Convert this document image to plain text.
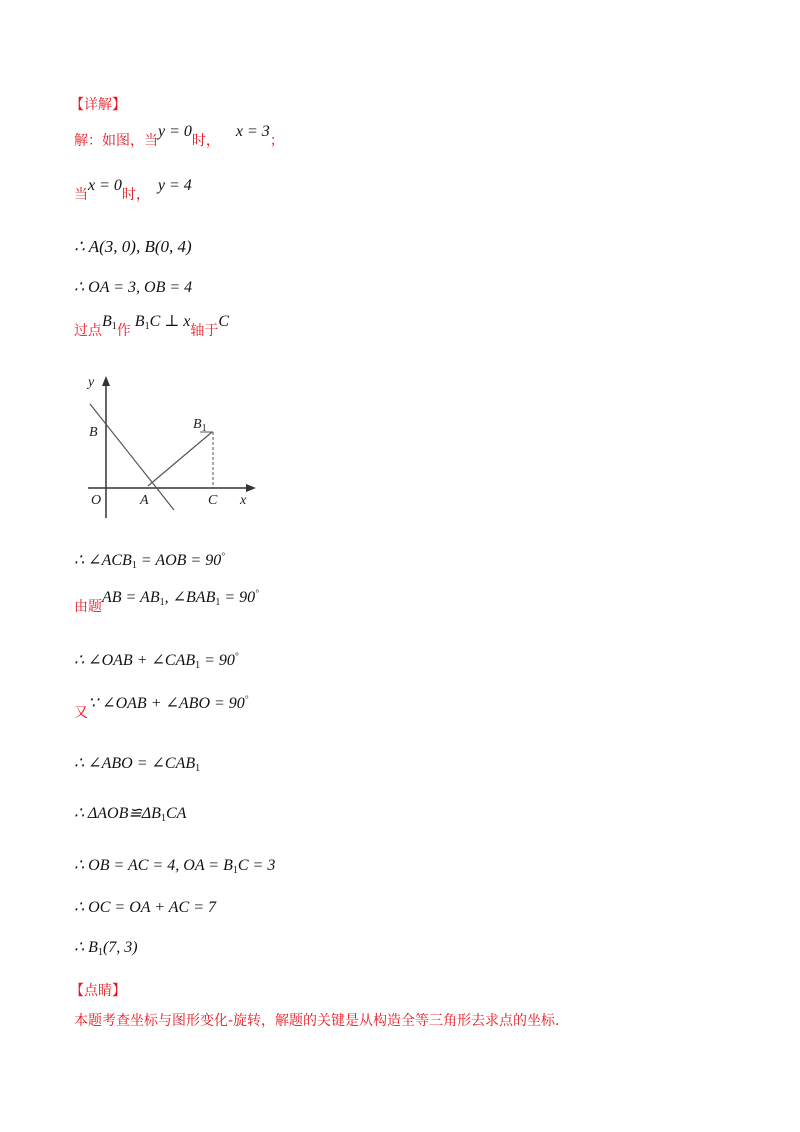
【详解】
解：如图，当y = 0时，x = 3；
当x = 0时，y = 4
∴ A(3, 0), B(0, 4)
∴ OA = 3, OB = 4
过点$B_1$作$B_1C$ ⊥ x轴于C
y
B
O	A
$B_1$
C x
∴ $\angle ACB_1$ = AOB = 90°
由题AB = $AB_1$, $\angle BAB_1 = 90^\circ$
∴ ∠OAB + $\angle CAB_1 = 90^\circ$
又∵ ∠OAB + ∠ABO = 90°
∴ ∠ABO = $\angle CAB_1$
∴ $\Delta AOB≌\Delta B_1CA$
∴ OB = AC = 4, OA = $B_1C = 3$
∴ OC = OA + AC = 7
∴ $B_1(7$, 3)
【点睛】
本题考查坐标与图形变化-旋转，解题的关键是从构造全等三角形去求点的坐标.
